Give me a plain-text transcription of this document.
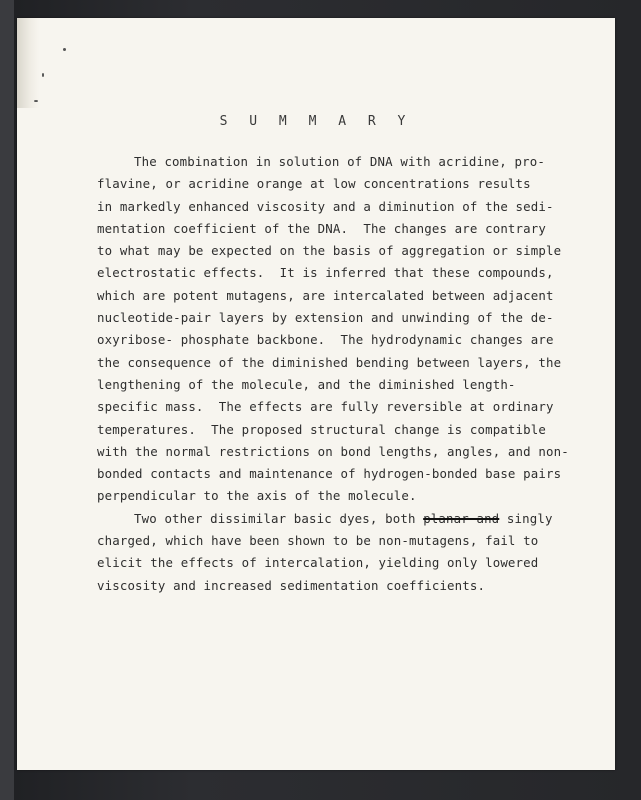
S U M M A R Y
The combination in solution of DNA with acridine, pro-
flavine, or acridine orange at low concentrations results
in markedly enhanced viscosity and a diminution of the sedi-
mentation coefficient of the DNA.  The changes are contrary
to what may be expected on the basis of aggregation or simple
electrostatic effects.  It is inferred that these compounds,
which are potent mutagens, are intercalated between adjacent
nucleotide-pair layers by extension and unwinding of the de-
oxyribose- phosphate backbone.  The hydrodynamic changes are
the consequence of the diminished bending between layers, the
lengthening of the molecule, and the diminished length-
specific mass.  The effects are fully reversible at ordinary
temperatures.  The proposed structural change is compatible
with the normal restrictions on bond lengths, angles, and non-
bonded contacts and maintenance of hydrogen-bonded base pairs
perpendicular to the axis of the molecule.
Two other dissimilar basic dyes, both planar and singly
charged, which have been shown to be non-mutagens, fail to
elicit the effects of intercalation, yielding only lowered
viscosity and increased sedimentation coefficients.
